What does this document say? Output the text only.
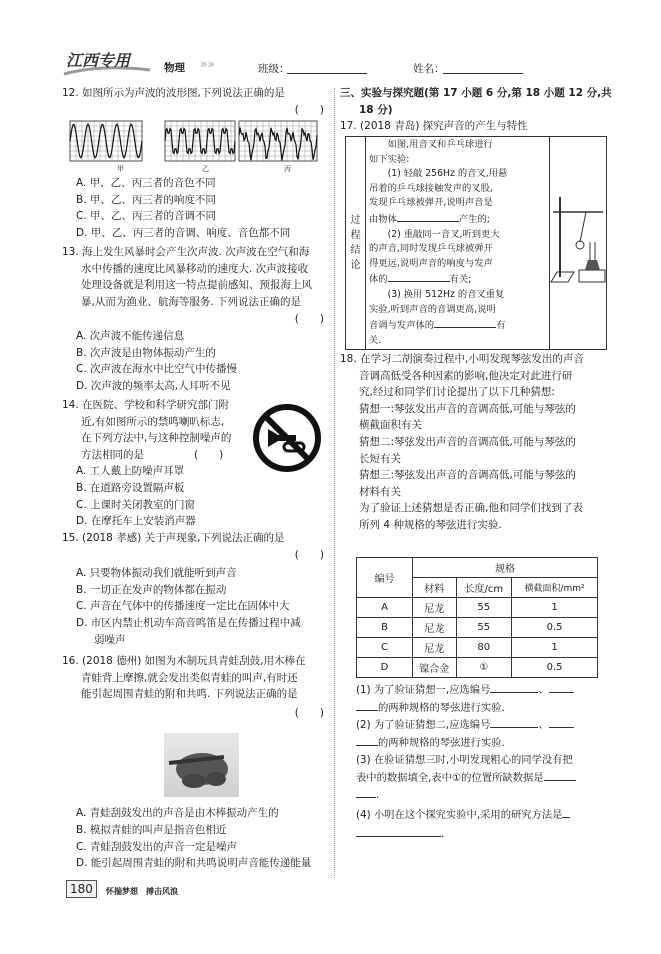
江西专用	物理 »»	班级：	姓名：
12. 如图所示为声波的波形图,下列说法正确的是
(　　)
甲	乙	丙
A. 甲、乙、丙三者的音色不同
B. 甲、乙、丙三者的响度不同
C. 甲、乙、丙三者的音调不同
D. 甲、乙、丙三者的音调、响度、音色都不同
13. 海上发生风暴时会产生次声波. 次声波在空气和海
水中传播的速度比风暴移动的速度大. 次声波接收
处理设备就是利用这一特点提前感知、预报海上风
暴,从而为渔业、航海等服务. 下列说法正确的是
(　　)
A. 次声波不能传递信息
B. 次声波是由物体振动产生的
C. 次声波在海水中比空气中传播慢
D. 次声波的频率太高,人耳听不见
14. 在医院、学校和科学研究部门附
近,有如图所示的禁鸣喇叭标志,
在下列方法中,与这种控制噪声的
方法相同的是	(　　)
A. 工人戴上防噪声耳罩
B. 在道路旁设置隔声板
C. 上课时关闭教室的门窗
D. 在摩托车上安装消声器
15. (2018 孝感) 关于声现象,下列说法正确的是
(　　)
A. 只要物体振动我们就能听到声音
B. 一切正在发声的物体都在振动
C. 声音在气体中的传播速度一定比在固体中大
D. 市区内禁止机动车高音鸣笛是在传播过程中减
弱噪声
16. (2018 德州) 如图为木制玩具青蛙刮鼓,用木棒在
青蛙背上摩擦,就会发出类似青蛙的叫声,有时还
能引起周围青蛙的附和共鸣. 下列说法正确的是
(　　)
A. 青蛙刮鼓发出的声音是由木棒振动产生的
B. 模拟青蛙的叫声是指音色相近
C. 青蛙刮鼓发出的声音一定是噪声
D. 能引起周围青蛙的附和共鸣说明声音能传递能量
180	怀揣梦想　搏击风浪
三、实验与探究题(第 17 小题 6 分,第 18 小题 12 分,共
18 分)
17. (2018 青岛) 探究声音的产生与特性
过
程
结
论

　　如图,用音叉和乒乓球进行
如下实验:
　　(1) 轻敲 256Hz 的音叉,用悬
吊着的乒乓球接触发声的叉股,
发现乒乓球被弹开,说明声音是
由物体	产生的;
　　(2) 重敲同一音叉,听到更大
的声音,同时发现乒乓球被弹开
得更远,说明声音的响度与发声
体的	有关;
　　(3) 换用 512Hz 的音叉重复
实验,听到声音的音调更高,说明
音调与发声体的	有
关.

18. 在学习二胡演奏过程中,小明发现琴弦发出的声音
音调高低受各种因素的影响,他决定对此进行研
究,经过和同学们讨论提出了以下几种猜想:
猜想一:琴弦发出声音的音调高低,可能与琴弦的
横截面积有关
猜想二:琴弦发出声音的音调高低,可能与琴弦的
长短有关
猜想三:琴弦发出声音的音调高低,可能与琴弦的
材料有关
为了验证上述猜想是否正确,他和同学们找到了表
所列 4 种规格的琴弦进行实验.
编号	规格		
	材料	长度/cm	横截面积/mm²
A	尼龙	55	1
B	尼龙	55	0.5
C	尼龙	80	1
D	镍合金	①	0.5
(1) 为了验证猜想一,应选编号	、
的两种规格的琴弦进行实验.
(2) 为了验证猜想二,应选编号	、
的两种规格的琴弦进行实验.
(3) 在验证猜想三时,小明发现粗心的同学没有把
表中的数据填全,表中①的位置所缺数据是
.
(4) 小明在这个探究实验中,采用的研究方法是
.
